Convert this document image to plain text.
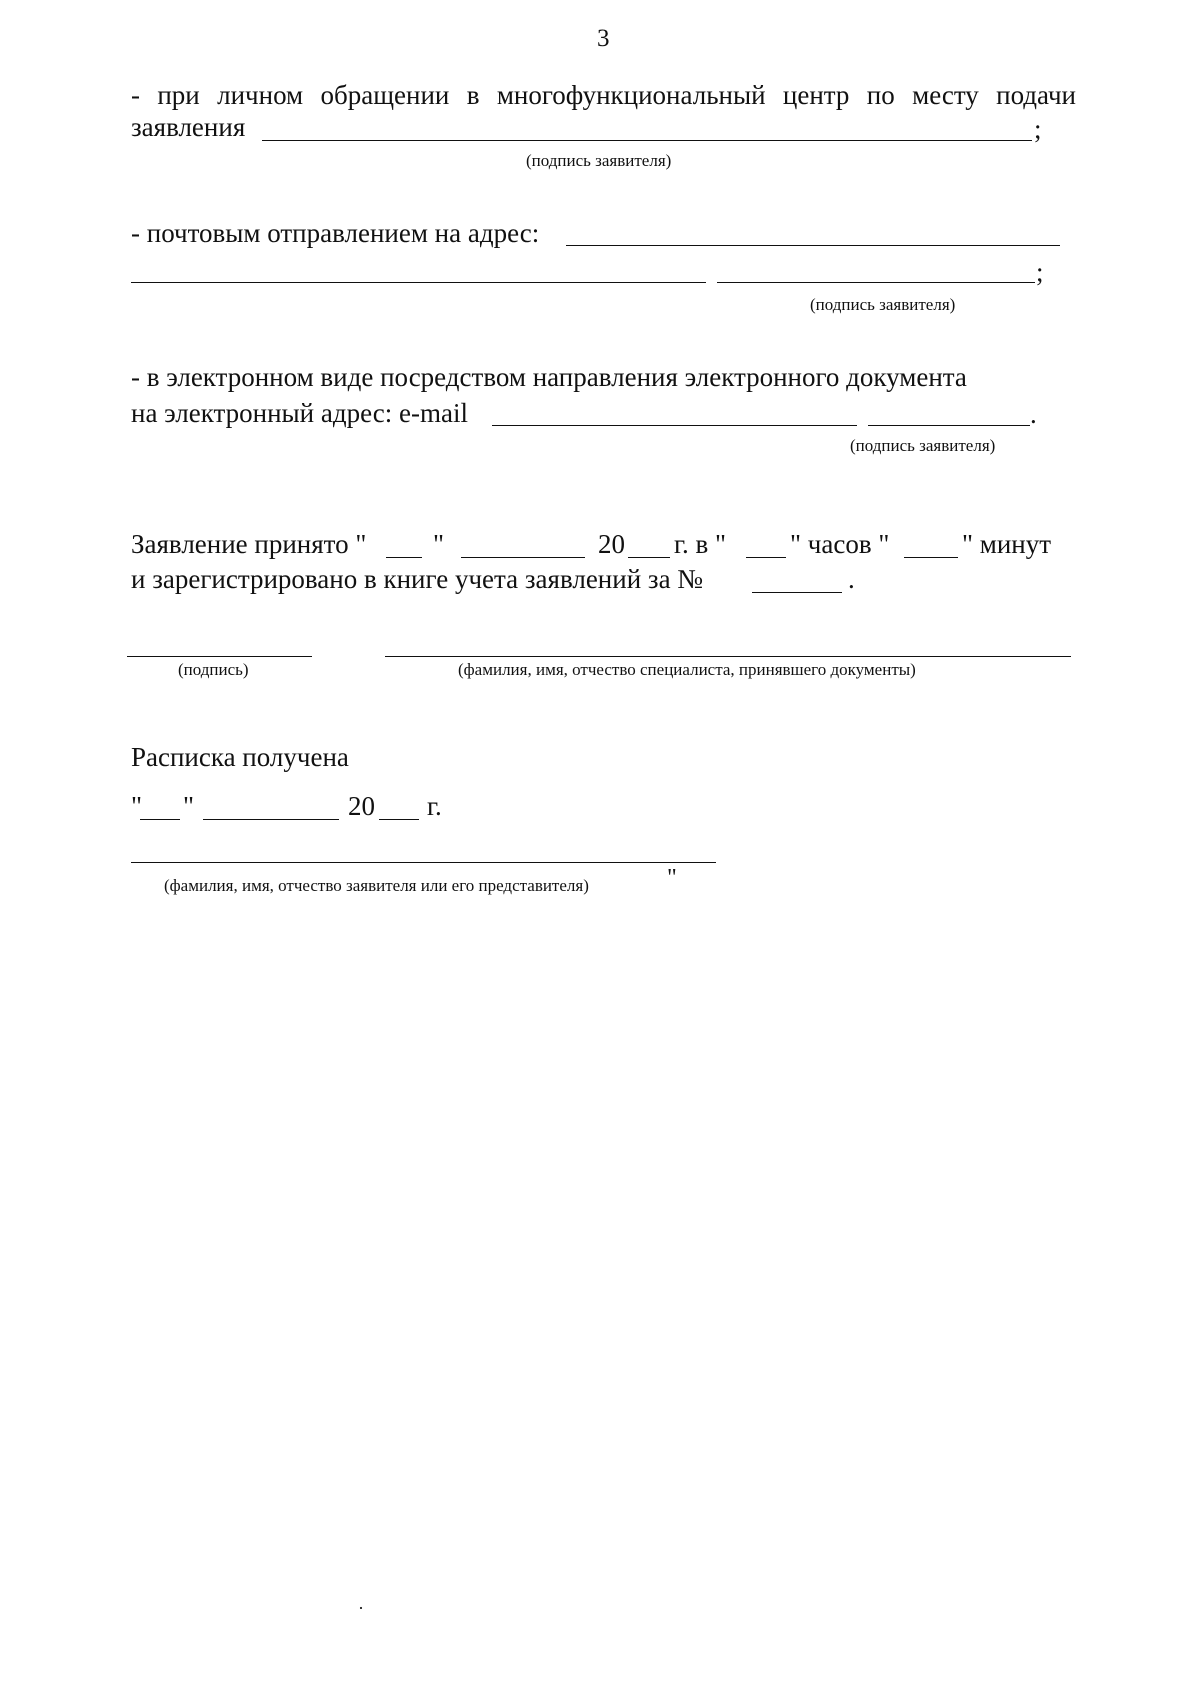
3
- при личном обращении в многофункциональный центр по месту подачи
заявления	;
(подпись заявителя)
- почтовым отправлением на адрес:
;
(подпись заявителя)
- в электронном виде посредством направления электронного документа
на электронный адрес: e-mail	.
(подпись заявителя)
Заявление принято " "	20 г. в " " часов "	" минут
и зарегистрировано в книге учета заявлений за №	.
(подпись)	(фамилия, имя, отчество специалиста, принявшего документы)
Расписка получена
" "	20 г.
(фамилия, имя, отчество заявителя или его представителя)	"
·
